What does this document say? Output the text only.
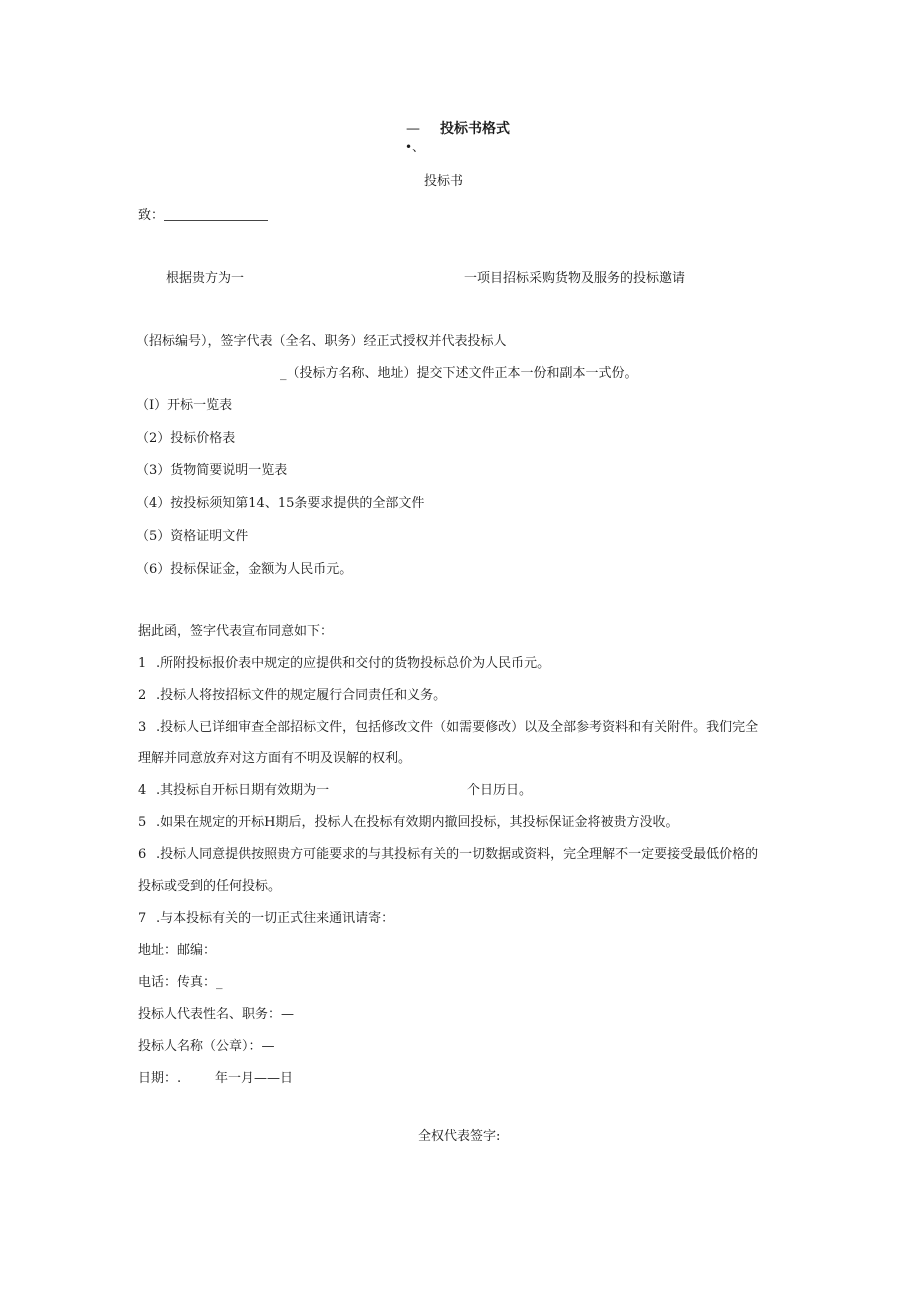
— 投标书格式
•、
投标书
致：
根据贵方为一	一项目招标采购货物及服务的投标邀请
（招标编号），签字代表（全名、职务）经正式授权并代表投标人
_（投标方名称、地址）提交下述文件正本一份和副本一式份。
（I）开标一览表
（2）投标价格表
（3）货物简要说明一览表
（4）按投标须知第14、15条要求提供的全部文件
（5）资格证明文件
（6）投标保证金，金额为人民币元。
据此函，签字代表宣布同意如下：
1 .所附投标报价表中规定的应提供和交付的货物投标总价为人民币元。
2 .投标人将按招标文件的规定履行合同责任和义务。
3 .投标人已详细审查全部招标文件，包括修改文件（如需要修改）以及全部参考资料和有关附件。我们完全
理解并同意放弃对这方面有不明及误解的权利。
4 .其投标自开标日期有效期为一	个日历日。
5 .如果在规定的开标H期后，投标人在投标有效期内撤回投标，其投标保证金将被贵方没收。
6 .投标人同意提供按照贵方可能要求的与其投标有关的一切数据或资料，完全理解不一定要接受最低价格的
投标或受到的任何投标。
7 .与本投标有关的一切正式往来通讯请寄：
地址：邮编：
电话：传真：_
投标人代表性名、职务：—
投标人名称（公章）：—
日期：.	年一月——日
全权代表签字:
